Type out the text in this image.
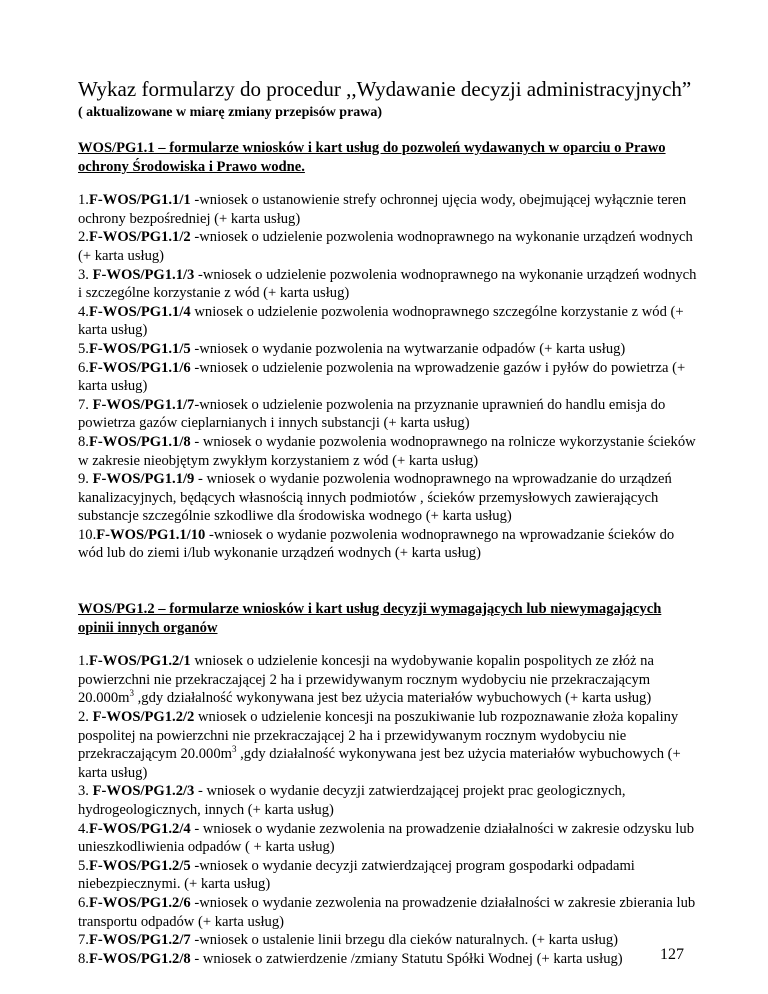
Wykaz formularzy do procedur ,,Wydawanie decyzji administracyjnych”
( aktualizowane w miarę zmiany przepisów prawa)
WOS/PG1.1 – formularze wniosków i kart usług do pozwoleń wydawanych w oparciu o Prawo ochrony Środowiska i Prawo wodne.
1.F-WOS/PG1.1/1 -wniosek o ustanowienie strefy ochronnej ujęcia wody, obejmującej wyłącznie teren ochrony bezpośredniej (+ karta usług)
2.F-WOS/PG1.1/2 -wniosek o udzielenie pozwolenia wodnoprawnego na wykonanie urządzeń wodnych (+ karta usług)
3. F-WOS/PG1.1/3 -wniosek o udzielenie pozwolenia wodnoprawnego na wykonanie urządzeń wodnych i szczególne korzystanie z wód (+ karta usług)
4.F-WOS/PG1.1/4 wniosek o udzielenie pozwolenia wodnoprawnego szczególne korzystanie z wód (+ karta usług)
5.F-WOS/PG1.1/5 -wniosek o wydanie pozwolenia na wytwarzanie odpadów (+ karta usług)
6.F-WOS/PG1.1/6 -wniosek o udzielenie pozwolenia na wprowadzenie gazów i pyłów do powietrza (+ karta usług)
7. F-WOS/PG1.1/7-wniosek o udzielenie pozwolenia na przyznanie uprawnień do handlu emisja do powietrza gazów cieplarnianych i innych substancji (+ karta usług)
8.F-WOS/PG1.1/8 - wniosek o wydanie pozwolenia wodnoprawnego na rolnicze wykorzystanie ścieków w zakresie nieobjętym zwykłym korzystaniem z wód (+ karta usług)
9. F-WOS/PG1.1/9 - wniosek o wydanie pozwolenia wodnoprawnego na wprowadzanie do urządzeń kanalizacyjnych, będących własnością innych podmiotów , ścieków przemysłowych zawierających substancje szczególnie szkodliwe dla środowiska wodnego (+ karta usług)
10.F-WOS/PG1.1/10 -wniosek o wydanie pozwolenia wodnoprawnego na wprowadzanie ścieków do wód lub do ziemi i/lub wykonanie urządzeń wodnych (+ karta usług)
WOS/PG1.2 – formularze wniosków i kart usług decyzji wymagających lub niewymagających opinii innych organów
1.F-WOS/PG1.2/1 wniosek o udzielenie koncesji na wydobywanie kopalin pospolitych ze złóż na powierzchni nie przekraczającej 2 ha i przewidywanym rocznym wydobyciu nie przekraczającym $20.000m^3$ ,gdy działalność wykonywana jest bez użycia materiałów wybuchowych (+ karta usług)
2. F-WOS/PG1.2/2 wniosek o udzielenie koncesji na poszukiwanie lub rozpoznawanie złoża kopaliny pospolitej na powierzchni nie przekraczającej 2 ha i przewidywanym rocznym wydobyciu nie przekraczającym $20.000m^3$ ,gdy działalność wykonywana jest bez użycia materiałów wybuchowych (+ karta usług)
3. F-WOS/PG1.2/3 - wniosek o wydanie decyzji zatwierdzającej projekt prac geologicznych, hydrogeologicznych, innych (+ karta usług)
4.F-WOS/PG1.2/4 - wniosek o wydanie zezwolenia na prowadzenie działalności w zakresie odzysku lub unieszkodliwienia odpadów ( + karta usług)
5.F-WOS/PG1.2/5 -wniosek o wydanie decyzji zatwierdzającej program gospodarki odpadami niebezpiecznymi. (+ karta usług)
6.F-WOS/PG1.2/6 -wniosek o wydanie zezwolenia na prowadzenie działalności w zakresie zbierania lub transportu odpadów (+ karta usług)
7.F-WOS/PG1.2/7 -wniosek o ustalenie linii brzegu dla cieków naturalnych. (+ karta usług)
8.F-WOS/PG1.2/8 - wniosek o zatwierdzenie /zmiany Statutu Spółki Wodnej (+ karta usług)	127
